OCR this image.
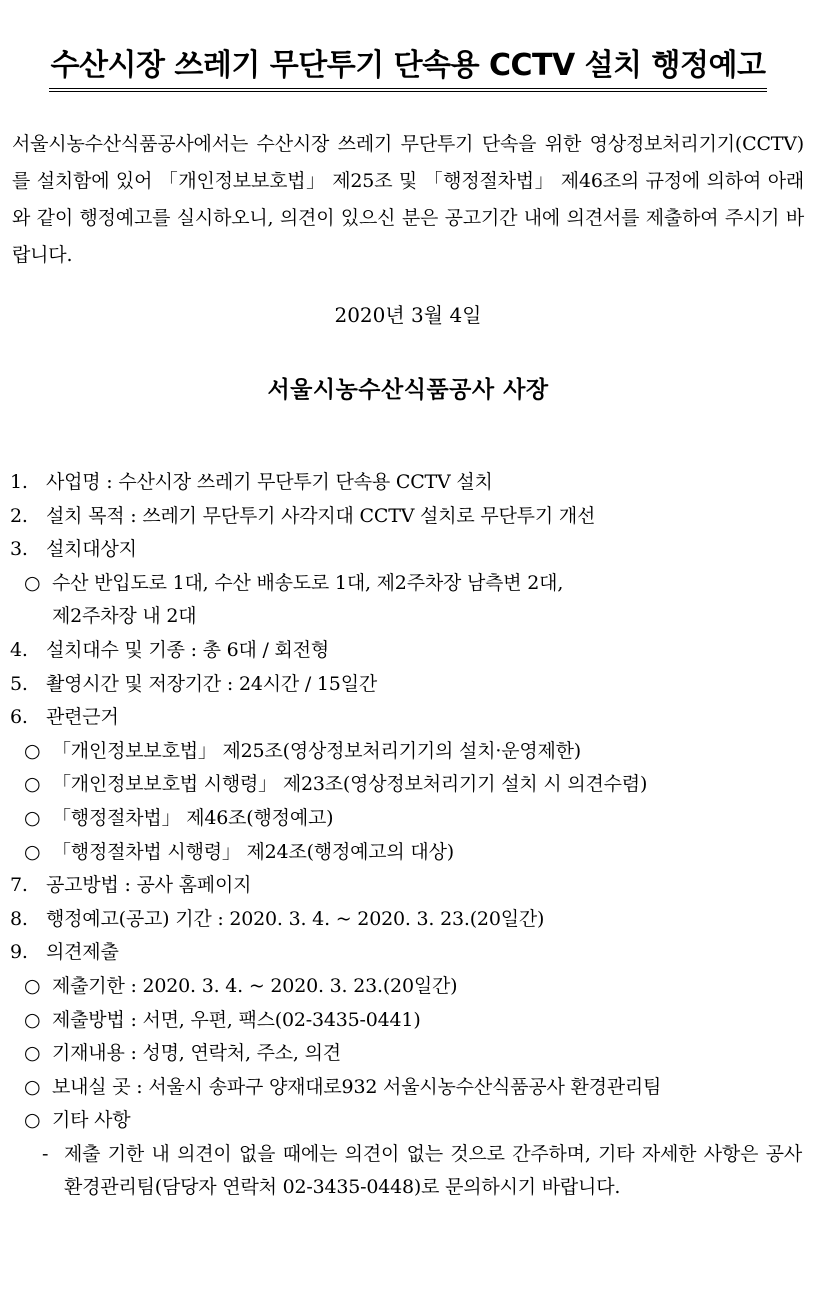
수산시장 쓰레기 무단투기 단속용 CCTV 설치 행정예고
서울시농수산식품공사에서는 수산시장 쓰레기 무단투기 단속을 위한 영상정보처리기기(CCTV)를 설치함에 있어 「개인정보보호법」 제25조 및 「행정절차법」 제46조의 규정에 의하여 아래와 같이 행정예고를 실시하오니, 의견이 있으신 분은 공고기간 내에 의견서를 제출하여 주시기 바랍니다.
2020년 3월 4일
서울시농수산식품공사 사장
1. 사업명 : 수산시장 쓰레기 무단투기 단속용 CCTV 설치
2. 설치 목적 : 쓰레기 무단투기 사각지대 CCTV 설치로 무단투기 개선
3. 설치대상지
○ 수산 반입도로 1대, 수산 배송도로 1대, 제2주차장 남측변 2대,
제2주차장 내 2대
4. 설치대수 및 기종 : 총 6대 / 회전형
5. 촬영시간 및 저장기간 : 24시간 / 15일간
6. 관련근거
○ 「개인정보보호법」 제25조(영상정보처리기기의 설치·운영제한)
○ 「개인정보보호법 시행령」 제23조(영상정보처리기기 설치 시 의견수렴)
○ 「행정절차법」 제46조(행정예고)
○ 「행정절차법 시행령」 제24조(행정예고의 대상)
7. 공고방법 : 공사 홈페이지
8. 행정예고(공고) 기간 : 2020. 3. 4. ~ 2020. 3. 23.(20일간)
9. 의견제출
○ 제출기한 : 2020. 3. 4. ~ 2020. 3. 23.(20일간)
○ 제출방법 : 서면, 우편, 팩스(02-3435-0441)
○ 기재내용 : 성명, 연락처, 주소, 의견
○ 보내실 곳 : 서울시 송파구 양재대로932 서울시농수산식품공사 환경관리팀
○ 기타 사항
- 제출 기한 내 의견이 없을 때에는 의견이 없는 것으로 간주하며, 기타 자세한 사항은 공사 환경관리팀(담당자 연락처 02-3435-0448)로 문의하시기 바랍니다.
